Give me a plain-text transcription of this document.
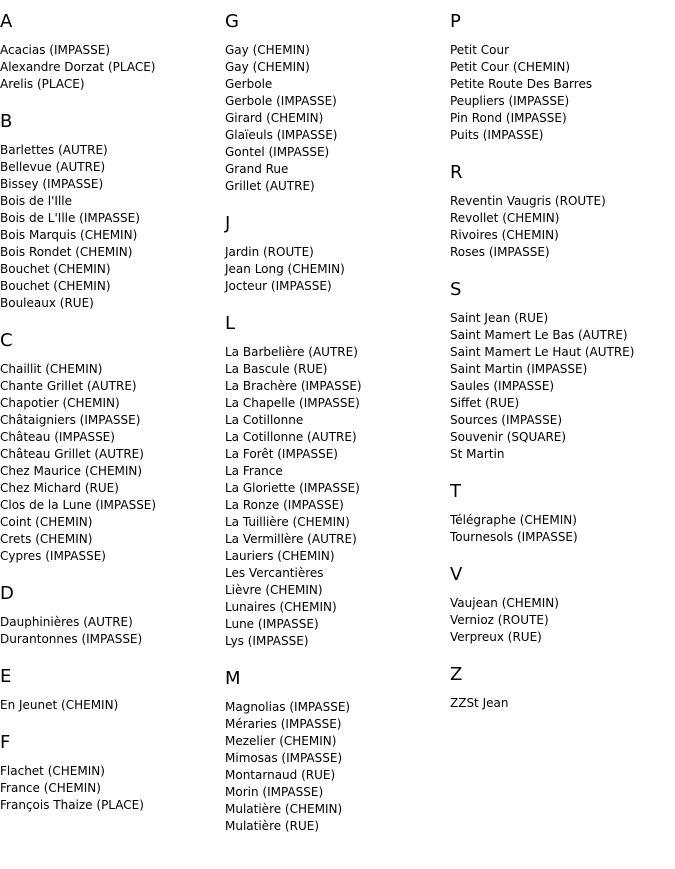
A
Acacias (IMPASSE)
Alexandre Dorzat (PLACE)
Arelis (PLACE)
B
Barlettes (AUTRE)
Bellevue (AUTRE)
Bissey (IMPASSE)
Bois de l'Ille
Bois de L'Ille (IMPASSE)
Bois Marquis (CHEMIN)
Bois Rondet (CHEMIN)
Bouchet (CHEMIN)
Bouchet (CHEMIN)
Bouleaux (RUE)
C
Chaillit (CHEMIN)
Chante Grillet (AUTRE)
Chapotier (CHEMIN)
Châtaigniers (IMPASSE)
Château (IMPASSE)
Château Grillet (AUTRE)
Chez Maurice (CHEMIN)
Chez Michard (RUE)
Clos de la Lune (IMPASSE)
Coint (CHEMIN)
Crets (CHEMIN)
Cypres (IMPASSE)
D
Dauphinières (AUTRE)
Durantonnes (IMPASSE)
E
En Jeunet (CHEMIN)
F
Flachet (CHEMIN)
France (CHEMIN)
François Thaize (PLACE)
G
Gay (CHEMIN)
Gay (CHEMIN)
Gerbole
Gerbole (IMPASSE)
Girard (CHEMIN)
Glaïeuls (IMPASSE)
Gontel (IMPASSE)
Grand Rue
Grillet (AUTRE)
J
Jardin (ROUTE)
Jean Long (CHEMIN)
Jocteur (IMPASSE)
L
La Barbelière (AUTRE)
La Bascule (RUE)
La Brachère (IMPASSE)
La Chapelle (IMPASSE)
La Cotillonne
La Cotillonne (AUTRE)
La Forêt (IMPASSE)
La France
La Gloriette (IMPASSE)
La Ronze (IMPASSE)
La Tuillière (CHEMIN)
La Vermillère (AUTRE)
Lauriers (CHEMIN)
Les Vercantières
Lièvre (CHEMIN)
Lunaires (CHEMIN)
Lune (IMPASSE)
Lys (IMPASSE)
M
Magnolias (IMPASSE)
Méraries (IMPASSE)
Mezelier (CHEMIN)
Mimosas (IMPASSE)
Montarnaud (RUE)
Morin (IMPASSE)
Mulatière (CHEMIN)
Mulatière (RUE)
P
Petit Cour
Petit Cour (CHEMIN)
Petite Route Des Barres
Peupliers (IMPASSE)
Pin Rond (IMPASSE)
Puits (IMPASSE)
R
Reventin Vaugris (ROUTE)
Revollet (CHEMIN)
Rivoires (CHEMIN)
Roses (IMPASSE)
S
Saint Jean (RUE)
Saint Mamert Le Bas (AUTRE)
Saint Mamert Le Haut (AUTRE)
Saint Martin (IMPASSE)
Saules (IMPASSE)
Siffet (RUE)
Sources (IMPASSE)
Souvenir (SQUARE)
St Martin
T
Télégraphe (CHEMIN)
Tournesols (IMPASSE)
V
Vaujean (CHEMIN)
Vernioz (ROUTE)
Verpreux (RUE)
Z
ZZSt Jean
